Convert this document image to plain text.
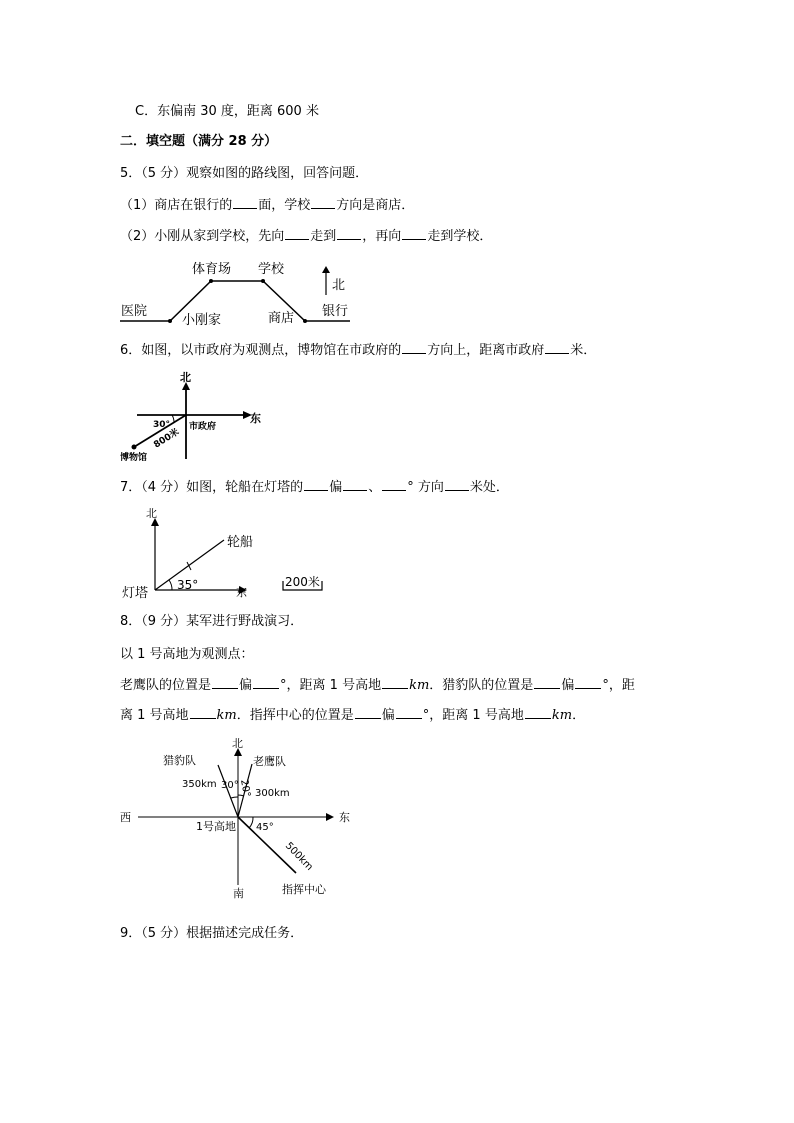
C．东偏南 30 度，距离 600 米
二．填空题（满分 28 分）
5．（5 分）观察如图的路线图，回答问题．
（1）商店在银行的 面，学校 方向是商店．
（2）小刚从家到学校，先向 走到 ，再向 走到学校．
医院
体育场 学校
北
小刚家	商店 银行
6．如图，以市政府为观测点，博物馆在市政府的 方向上，距离市政府 米．
北
东
30°
800米
市政府
博物馆
7．（4 分）如图，轮船在灯塔的 偏 、 ° 方向 米处．
北
轮船
灯塔
35°
东
200米
8．（9 分）某军进行野战演习．
以 1 号高地为观测点：
老鹰队的位置是 偏 °，距离 1 号高地 km．猎豹队的位置是 偏 °，距
离 1 号高地 km．指挥中心的位置是 偏 °，距离 1 号高地 km．
北
南
西	东
猎豹队	老鹰队
350km 30° 20° 300km
1号高地 45°
500km
指挥中心
9．（5 分）根据描述完成任务．
